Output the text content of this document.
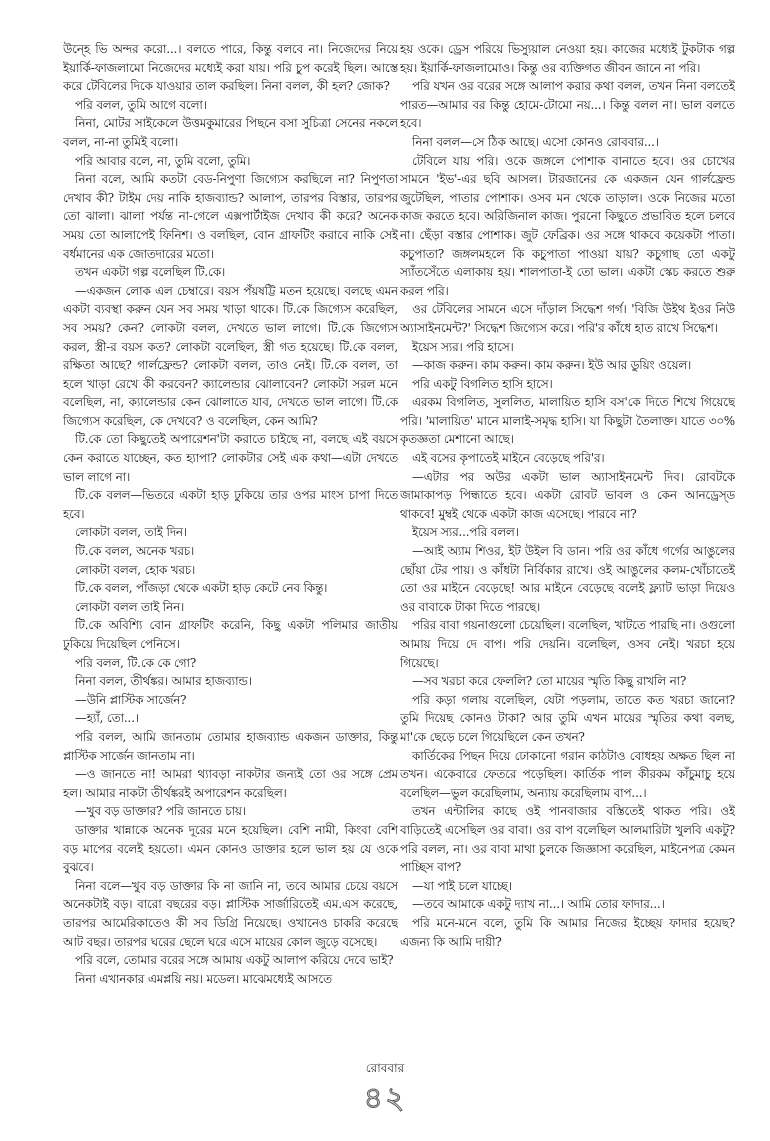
উন্হে ভি অন্দর করো...। বলতে পারে, কিন্তু বলবে না। নিজেদের নিয়ে ইয়ার্কি-ফাজলামো নিজেদের মধ্যেই করা যায়। পরি চুপ করেই ছিল। আস্তে করে টেবিলের দিকে যাওয়ার তাল করছিল। নিনা বলল, কী হল? জোক?

পরি বলল, তুমি আগে বলো।

নিনা, মোটর সাইকেলে উত্তমকুমারের পিছনে বসা সুচিত্রা সেনের নকলে বলল, না-না তুমিই বলো।

পরি আবার বলে, না, তুমি বলো, তুমি।

নিনা বলে, আমি কতটা বেড-নিপুণা জিগ্যেস করছিলে না? নিপুণতা দেখাব কী? টাইম দেয় নাকি হাজব্যান্ড? আলাপ, তারপর বিস্তার, তারপর তো ঝালা। ঝালা পর্যন্ত না-গেলে এক্সপার্টাইজ দেখাব কী করে? অনেক সময় তো আলাপেই ফিনিশ। ও বলছিল, বোন গ্রাফটিং করাবে নাকি সেই বর্ধমানের এক জোতদারের মতো।

তখন একটা গল্প বলেছিল টি.কে।

—একজন লোক এল চেম্বারে। বয়স পঁয়ষট্টি মতন হয়েছে। বলছে এমন একটা ব্যবস্থা করুন যেন সব সময় খাড়া থাকে। টি.কে জিগ্যেস করেছিল, সব সময়? কেন? লোকটা বলল, দেখতে ভাল লাগে। টি.কে জিগ্যেস করল, স্ত্রী-র বয়স কত? লোকটা বলেছিল, স্ত্রী গত হয়েছে। টি.কে বলল, রক্ষিতা আছে? গার্লফ্রেন্ড? লোকটা বলল, তাও নেই। টি.কে বলল, তা হলে খাড়া রেখে কী করবেন? ক্যালেন্ডার ঝোলাবেন? লোকটা সরল মনে বলেছিল, না, ক্যালেন্ডার কেন ঝোলাতে যাব, দেখতে ভাল লাগে। টি.কে জিগ্যেস করেছিল, কে দেখবে? ও বলেছিল, কেন আমি?

টি.কে তো কিছুতেই অপারেশন'টা করাতে চাইছে না, বলছে এই বয়সে কেন করাতে যাচ্ছেন, কত হ্যাপা? লোকটার সেই এক কথা—এটা দেখতে ভাল লাগে না।

টি.কে বলল—ভিতরে একটা হাড় ঢুকিয়ে তার ওপর মাংস চাপা দিতে হবে।

লোকটা বলল, তাই দিন।

টি.কে বলল, অনেক খরচ।

লোকটা বলল, হোক খরচ।

টি.কে বলল, পাঁজড়া থেকে একটা হাড় কেটে নেব কিন্তু।

লোকটা বলল তাই নিন।

টি.কে অবিশ্যি বোন গ্রাফটিং করেনি, কিছু একটা পলিমার জাতীয় ঢুকিয়ে দিয়েছিল পেনিসে।

পরি বলল, টি.কে কে গো?

নিনা বলল, তীর্থঙ্কর। আমার হাজব্যান্ড।

—উনি প্লাস্টিক সার্জেন?

—হ্যাঁ, তো...।

পরি বলল, আমি জানতাম তোমার হাজব্যান্ড একজন ডাক্তার, কিন্তু প্লাস্টিক সার্জেন জানতাম না।

—ও জানতে না! আমরা থ্যাবড়া নাকটার জন্যই তো ওর সঙ্গে প্রেম হল। আমার নাকটা তীর্থঙ্করই অপারেশন করেছিল।

—খুব বড় ডাক্তার? পরি জানতে চায়।

ডাক্তার খান্নাকে অনেক দূরের মনে হয়েছিল। বেশি নামী, কিংবা বেশি বড় মাপের বলেই হয়তো। এমন কোনও ডাক্তার হলে ভাল হয় যে ওকে বুঝবে।

নিনা বলে—খুব বড় ডাক্তার কি না জানি না, তবে আমার চেয়ে বয়সে অনেকটাই বড়। বারো বছরের বড়। প্লাস্টিক সার্জারিতেই এম.এস করেছে, তারপর আমেরিকাতেও কী সব ডিগ্রি নিয়েছে। ওখানেও চাকরি করেছে আট বছর। তারপর ঘরের ছেলে ঘরে এসে মায়ের কোল জুড়ে বসেছে।

পরি বলে, তোমার বরের সঙ্গে আমায় একটু আলাপ করিয়ে দেবে ভাই?

নিনা এখানকার এমপ্লয়ি নয়। মডেল। মাঝেমধ্যেই আসতে

হয় ওকে। ড্রেস পরিয়ে ভিস্যুয়াল নেওয়া হয়। কাজের মধ্যেই টুকটাক গল্প হয়। ইয়ার্কি-ফাজলামোও। কিন্তু ওর ব্যক্তিগত জীবন জানে না পরি।

পরি যখন ওর বরের সঙ্গে আলাপ করার কথা বলল, তখন নিনা বলতেই পারত—আমার বর কিন্তু হোমে-টোমো নয়...। কিন্তু বলল না। ভাল বলতে হবে।

নিনা বলল—সে ঠিক আছে। এসো কোনও রোববার...।

টেবিলে যায় পরি। ওকে জঙ্গলে পোশাক বানাতে হবে। ওর চোখের সামনে 'ইভ'-এর ছবি আসল। টারজানের কে একজন যেন গার্লফ্রেন্ড জুটেছিল, পাতার পোশাক। ওসব মন থেকে তাড়াল। ওকে নিজের মতো কাজ করতে হবে। অরিজিনাল কাজ। পুরনো কিছুতে প্রভাবিত হলে চলবে না। ছেঁড়া বস্তার পোশাক। জুট ফেব্রিক। ওর সঙ্গে থাকবে কয়েকটা পাতা। কচুপাতা? জঙ্গলমহলে কি কচুপাতা পাওয়া যায়? কচুগাছ তো একটু স্যাঁতসেঁতে এলাকায় হয়। শালপাতা-ই তো ভাল। একটা স্কেচ করতে শুরু করল পরি।

ওর টেবিলের সামনে এসে দাঁড়াল সিদ্ধেশ গর্গ। 'বিজি উইথ ইওর নিউ অ্যাসাইনমেন্ট?' সিদ্ধেশ জিগ্যেস করে। পরি'র কাঁধে হাত রাখে সিদ্ধেশ।

ইয়েস স্যর। পরি হাসে।

—কাজ করুন। কাম করুন। কাম করুন। ইউ আর ডুয়িং ওয়েল।

পরি একটু বিগলিত হাসি হাসে।

এরকম বিগলিত, সুললিত, মালায়িত হাসি বস'কে দিতে শিখে গিয়েছে পরি। 'মালায়িত' মানে মালাই-সমৃদ্ধ হাসি। যা কিছুটা তৈলাক্ত। যাতে ৩০% কৃতজ্ঞতা মেশানো আছে।

এই বসের কৃপাতেই মাইনে বেড়েছে পরি'র।

—এটার পর অউর একটা ভাল অ্যাসাইনমেন্ট দিব। রোবটকে জামাকাপড় পিন্ধাতে হবে। একটা রোবট ভাবল ও কেন আনড্রেস্‌ড থাকবে! মুম্বই থেকে একটা কাজ এসেছে। পারবে না?

ইয়েস স্যর...পরি বলল।

—আই অ্যাম শিওর, ইট উইল বি ডান। পরি ওর কাঁধে গর্গের আঙুলের ছোঁয়া টের পায়। ও কাঁধটা নির্বিকার রাখে। ওই আঙুলের কলম-খোঁচাতেই তো ওর মাইনে বেড়েছে! আর মাইনে বেড়েছে বলেই ফ্ল্যাট ভাড়া দিয়েও ওর বাবাকে টাকা দিতে পারছে।

পরির বাবা গয়নাগুলো চেয়েছিল। বলেছিল, খাটতে পারছি না। ওগুলো আমায় দিয়ে দে বাপ। পরি দেয়নি। বলেছিল, ওসব নেই। খরচা হয়ে গিয়েছে।

—সব খরচা করে ফেললি? তো মায়ের স্মৃতি কিছু রাখলি না?

পরি কড়া গলায় বলেছিল, যেটা পড়লাম, তাতে কত খরচা জানো? তুমি দিয়েছ কোনও টাকা? আর তুমি এখন মায়ের স্মৃতির কথা বলছ, মা'কে ছেড়ে চলে গিয়েছিলে কেন তখন?

কার্তিকের পিছন দিয়ে ঢোকানো গরান কাঠটাও বোধহয় অক্ষত ছিল না তখন। একেবারে ফেতরে পড়েছিল। কার্তিক পাল কীরকম কাঁচুমাচু হয়ে বলেছিল—ভুল করেছিলাম, অন্যায় করেছিলাম বাপ...।

তখন এন্টালির কাছে ওই পানবাজার বস্তিতেই থাকত পরি। ওই বাড়িতেই এসেছিল ওর বাবা। ওর বাপ বলেছিল আলমারিটা খুলবি একটু? পরি বলল, না। ওর বাবা মাথা চুলকে জিজ্ঞাসা করেছিল, মাইনেপত্র কেমন পাচ্ছিস বাপ?

—যা পাই চলে যাচ্ছে।

—তবে আমাকে একটু দ্যাখ না...। আমি তোর ফাদার...।

পরি মনে-মনে বলে, তুমি কি আমার নিজের ইচ্ছেয় ফাদার হয়েছ? এজন্য কি আমি দায়ী?

রোববার
৪২
